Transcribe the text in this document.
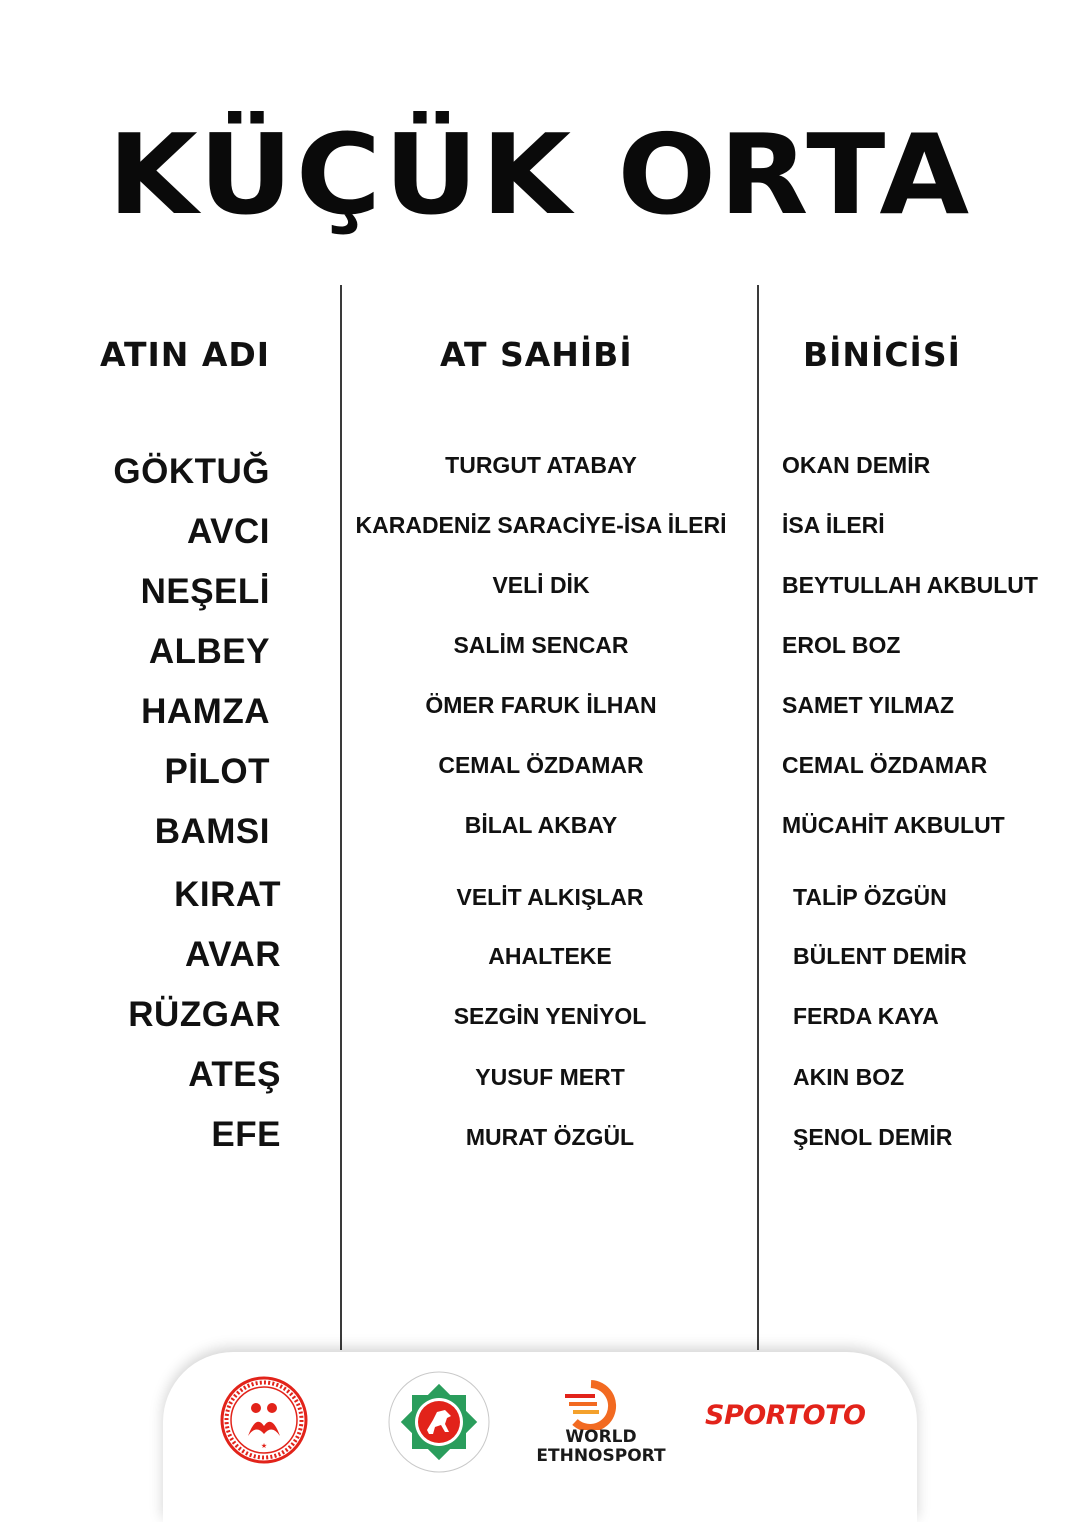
KÜÇÜK ORTA
ATIN ADI	AT SAHİBİ	BİNİCİSİ
GÖKTUĞ	TURGUT ATABAY	OKAN DEMİR
AVCI	KARADENİZ SARACİYE-İSA İLERİ	İSA İLERİ
NEŞELİ	VELİ DİK	BEYTULLAH AKBULUT
ALBEY	SALİM SENCAR	EROL BOZ
HAMZA	ÖMER FARUK İLHAN	SAMET YILMAZ
PİLOT	CEMAL ÖZDAMAR	CEMAL ÖZDAMAR
BAMSI	BİLAL AKBAY	MÜCAHİT AKBULUT
KIRAT	VELİT ALKIŞLAR	TALİP ÖZGÜN
AVAR	AHALTEKE	BÜLENT DEMİR
RÜZGAR	SEZGİN YENİYOL	FERDA KAYA
ATEŞ	YUSUF MERT	AKIN BOZ
EFE	MURAT ÖZGÜL	ŞENOL DEMİR
★	WORLD
ETHNOSPORT
SPORTOTO
